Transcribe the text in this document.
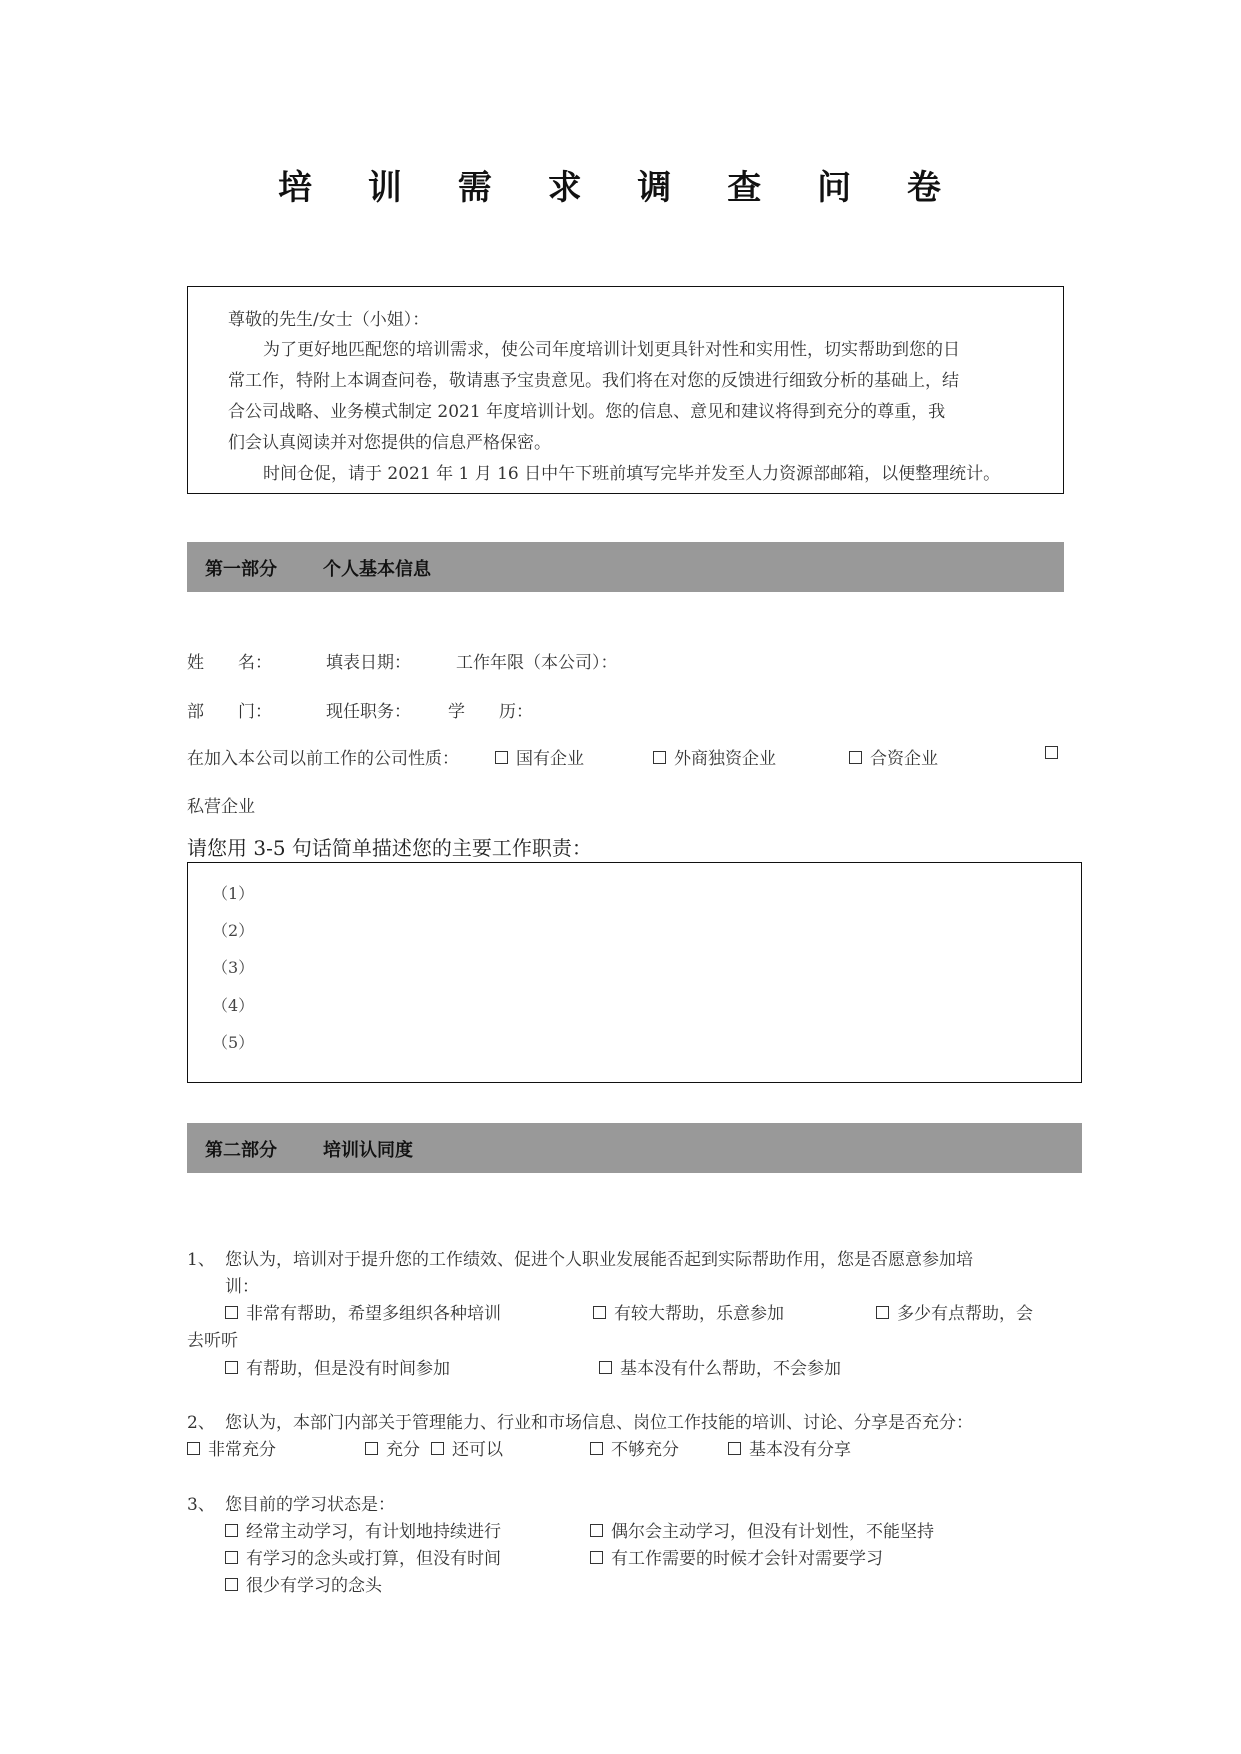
培 训 需 求 调 查 问 卷
尊敬的先生/女士（小姐）：
为了更好地匹配您的培训需求，使公司年度培训计划更具针对性和实用性，切实帮助到您的日
常工作，特附上本调查问卷，敬请惠予宝贵意见。我们将在对您的反馈进行细致分析的基础上，结
合公司战略、业务模式制定 2021 年度培训计划。您的信息、意见和建议将得到充分的尊重，我
们会认真阅读并对您提供的信息严格保密。
时间仓促，请于 2021 年 1 月 16 日中午下班前填写完毕并发至人力资源部邮箱，以便整理统计。
第一部分	个人基本信息
姓　　名：	填表日期：	工作年限（本公司）：
部　　门：	现任职务： 学　　历：
在加入本公司以前工作的公司性质：	国有企业	外商独资企业	合资企业
私营企业
请您用 3-5 句话简单描述您的主要工作职责：
（1）
（2）
（3）
（4）
（5）
第二部分	培训认同度
1、 您认为，培训对于提升您的工作绩效、促进个人职业发展能否起到实际帮助作用，您是否愿意参加培
训：
非常有帮助，希望多组织各种培训	有较大帮助，乐意参加	多少有点帮助，会
去听听
有帮助，但是没有时间参加	基本没有什么帮助，不会参加
2、 您认为，本部门内部关于管理能力、行业和市场信息、岗位工作技能的培训、讨论、分享是否充分：
非常充分	充分	还可以	不够充分	基本没有分享
3、 您目前的学习状态是：
经常主动学习，有计划地持续进行	偶尔会主动学习，但没有计划性，不能坚持
有学习的念头或打算，但没有时间	有工作需要的时候才会针对需要学习
很少有学习的念头
